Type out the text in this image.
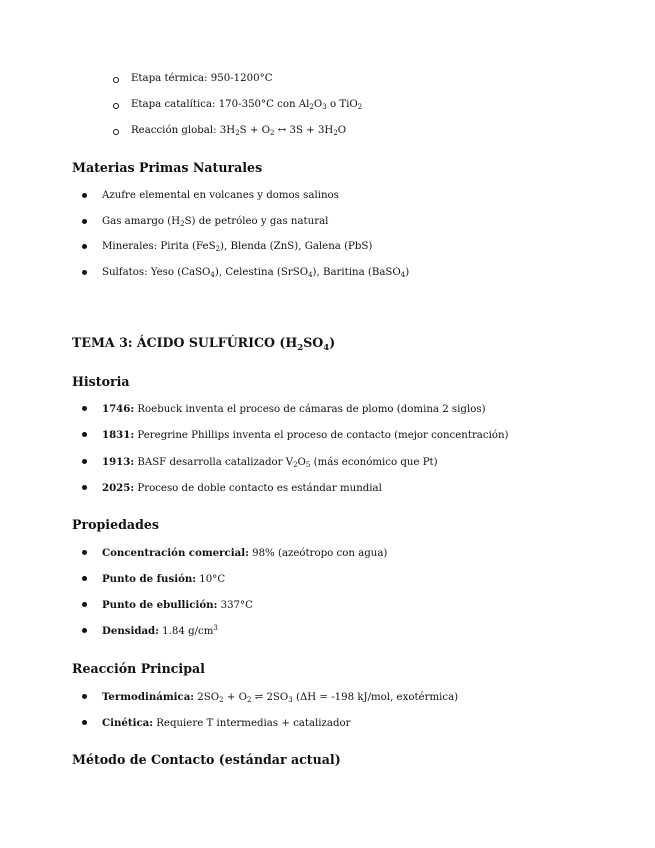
Etapa térmica: 950-1200°C
Etapa catalítica: 170-350°C con $Al_2O_3$ o TiO$_2$
Reacción global: $3H_2S + O_2$ ↔ $3S + 3H_2O$
Materias Primas Naturales
Azufre elemental en volcanes y domos salinos
Gas amargo $(H_2S)$ de petróleo y gas natural
Minerales: Pirita (FeS$_2$), Blenda (ZnS), Galena (PbS)
Sulfatos: Yeso (CaSO$_4$), Celestina (SrSO$_4$), Baritina (BaSO$_4$)
TEMA 3: ÁCIDO SULFÚRICO $(H_2SO_4)$
Historia
1746: Roebuck inventa el proceso de cámaras de plomo (domina 2 siglos)
1831: Peregrine Phillips inventa el proceso de contacto (mejor concentración)
1913: BASF desarrolla catalizador $V_2O_5$ (más económico que Pt)
2025: Proceso de doble contacto es estándar mundial
Propiedades
Concentración comercial: 98% (azeótropo con agua)
Punto de fusión: 10°C
Punto de ebullición: 337°C
Densidad: 1.84 $g/cm^3$
Reacción Principal
Termodinámica: $2SO_2 + O_2$ ⇌ $2SO_3$ (ΔH = -198 kJ/mol, exotérmica)
Cinética: Requiere T intermedias + catalizador
Método de Contacto (estándar actual)
